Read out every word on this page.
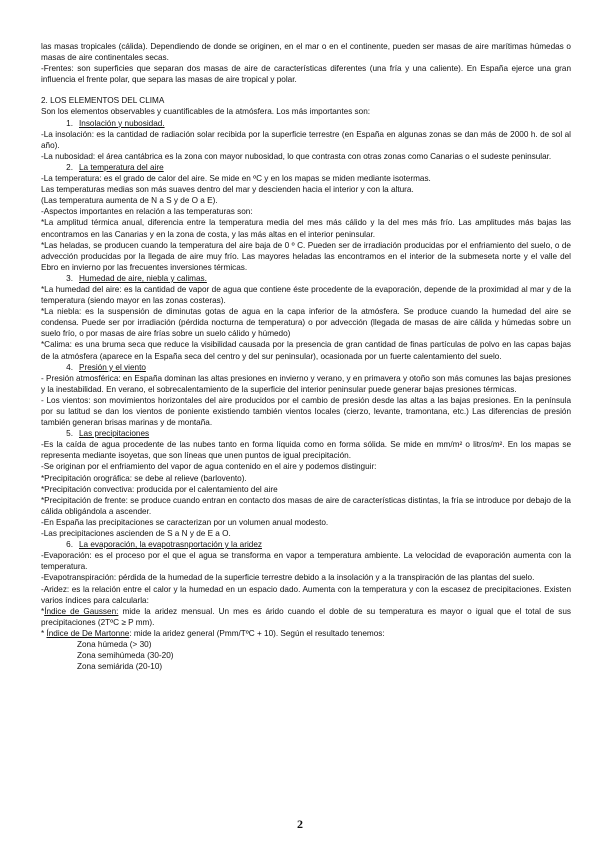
las masas tropicales (cálida). Dependiendo de donde se originen, en el mar o en el continente, pueden ser masas de aire marítimas húmedas o masas de aire continentales secas.

-Frentes: son superficies que separan dos masas de aire de características diferentes (una fría y una caliente). En España ejerce una gran influencia el frente polar, que separa las masas de aire tropical y polar.

2. LOS ELEMENTOS DEL CLIMA

Son los elementos observables y cuantificables de la atmósfera. Los más importantes son:

1. Insolación y nubosidad.

-La insolación: es la cantidad de radiación solar recibida por la superficie terrestre (en España en algunas zonas se dan más de 2000 h. de sol al año).

-La nubosidad: el área cantábrica es la zona con mayor nubosidad, lo que contrasta con otras zonas como Canarias o el sudeste peninsular.

2. La temperatura del aire

-La temperatura: es el grado de calor del aire. Se mide en ºC y en los mapas se miden mediante isotermas.

Las temperaturas medias son más suaves dentro del mar y descienden hacia el interior y con la altura.

(Las temperatura aumenta de N a S y de O a E).

-Aspectos importantes en relación a las temperaturas son:

*La amplitud térmica anual, diferencia entre la temperatura media del mes más cálido y la del mes más frío. Las amplitudes más bajas las encontramos en las Canarias y en la zona de costa, y las más altas en el interior peninsular.

*Las heladas, se producen cuando la temperatura del aire baja de 0 º C. Pueden ser de irradiación producidas por el enfriamiento del suelo, o de advección producidas por la llegada de aire muy frío. Las mayores heladas las encontramos en el interior de la submeseta norte y el valle del Ebro en invierno por las frecuentes inversiones térmicas.

3. Humedad de aire, niebla y calimas.

*La humedad del aire: es la cantidad de vapor de agua que contiene éste procedente de la evaporación, depende de la proximidad al mar y de la temperatura (siendo mayor en las zonas costeras).

*La niebla: es la suspensión de diminutas gotas de agua en la capa inferior de la atmósfera. Se produce cuando la humedad del aire se condensa. Puede ser por irradiación (pérdida nocturna de temperatura) o por advección (llegada de masas de aire cálida y húmedas sobre un suelo frío, o por masas de aire frías sobre un suelo cálido y húmedo)

*Calima: es una bruma seca que reduce la visibilidad causada por la presencia de gran cantidad de finas partículas de polvo en las capas bajas de la atmósfera (aparece en la España seca del centro y del sur peninsular), ocasionada por un fuerte calentamiento del suelo.

4. Presión y el viento

- Presión atmosférica: en España dominan las altas presiones en invierno y verano, y en primavera y otoño son más comunes las bajas presiones y la inestabilidad. En verano, el sobrecalentamiento de la superficie del interior peninsular puede generar bajas presiones térmicas.

- Los vientos: son movimientos horizontales del aire producidos por el cambio de presión desde las altas a las bajas presiones. En la península por su latitud se dan los vientos de poniente existiendo también vientos locales (cierzo, levante, tramontana, etc.) Las diferencias de presión también generan brisas marinas y de montaña.

5. Las precipitaciones

-Es la caída de agua procedente de las nubes tanto en forma líquida como en forma sólida. Se mide en mm/m² o litros/m². En los mapas se representa mediante isoyetas, que son líneas que unen puntos de igual precipitación.

-Se originan por el enfriamiento del vapor de agua contenido en el aire y podemos distinguir:

*Precipitación orográfica: se debe al relieve (barlovento).

*Precipitación convectiva: producida por el calentamiento del aire

*Precipitación de frente: se produce cuando entran en contacto dos masas de aire de características distintas, la fría se introduce por debajo de la cálida obligándola a ascender.

-En España las precipitaciones se caracterizan por un volumen anual modesto.

-Las precipitaciones ascienden de S a N y de E a O.

6. La evaporación, la evapotrasnportación y la aridez

-Evaporación: es el proceso por el que el agua se transforma en vapor a temperatura ambiente. La velocidad de evaporación aumenta con la temperatura.

-Evapotranspiración: pérdida de la humedad de la superficie terrestre debido a la insolación y a la transpiración de las plantas del suelo.

-Aridez: es la relación entre el calor y la humedad en un espacio dado. Aumenta con la temperatura y con la escasez de precipitaciones. Existen varios índices para calcularla:

*Índice de Gaussen: mide la aridez mensual. Un mes es árido cuando el doble de su temperatura es mayor o igual que el total de sus precipitaciones (2TºC ≥ P mm).

* Índice de De Martonne: mide la aridez general (Pmm/TºC + 10). Según el resultado tenemos:

Zona húmeda (> 30)

Zona semihúmeda (30-20)

Zona semiárida (20-10)

2
